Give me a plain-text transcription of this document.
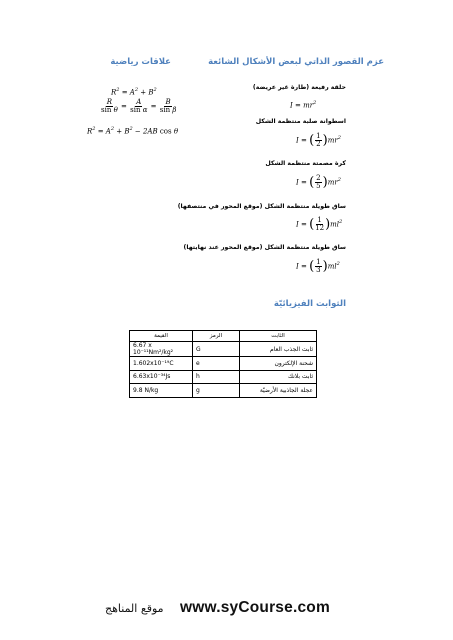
عزم القصور الذاتي لبعض الأشكال الشائعة
علاقات رياضية
حلقة رفيعة (طارة غير عريضة)
$I = mr^2$
اسطوانة صلبة منتظمة الشكل
I = ( $\frac{1}{2} )mr^2$
كرة مصمتة منتظمة الشكل
I = ( $\frac{2}{5} )mr^2$
ساق طويلة منتظمة الشكل (موقع المحور في منتصفها)
I = ( $\frac{1}{12} )ml^2$
ساق طويلة منتظمة الشكل (موقع المحور عند نهايتها)
I = ( $\frac{1}{3} )ml^2$
$R^2 = A^2 + B^2$
$\frac{R}{\text{sin θ}} = \frac{A}{\text{sin α}} = \frac{B}{\text{sin β}}$
$R^2 = A^2 + B^2 - 2AB$ cos θ
الثوابت الفيزيائيّة
القيمة	الرمز	الثابت
6.67 x 10⁻¹¹Nm²/kg²	G	ثابت الجذب العام
1.602x10⁻¹⁹C	e	شحنة الإلكترون
6.63x10⁻³⁴Js	h	ثابت بلانك
9.8 N/kg	g	عجلة الجاذبية الأرضيّة
www.syCourse.com
موقع المناهج
